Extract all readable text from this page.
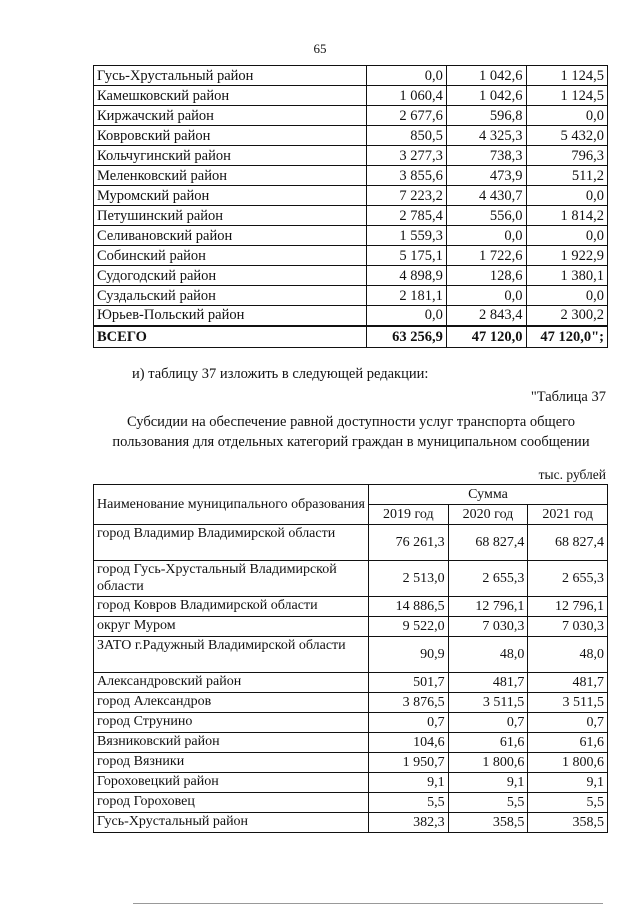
65
Гусь-Хрустальный район	0,0	1 042,6	1 124,5
Камешковский район	1 060,4	1 042,6	1 124,5
Киржачский район	2 677,6	596,8	0,0
Ковровский район	850,5	4 325,3	5 432,0
Кольчугинский район	3 277,3	738,3	796,3
Меленковский район	3 855,6	473,9	511,2
Муромский район	7 223,2	4 430,7	0,0
Петушинский район	2 785,4	556,0	1 814,2
Селивановский район	1 559,3	0,0	0,0
Собинский район	5 175,1	1 722,6	1 922,9
Судогодский район	4 898,9	128,6	1 380,1
Суздальский район	2 181,1	0,0	0,0
Юрьев-Польский район	0,0	2 843,4	2 300,2
ВСЕГО	63 256,9	47 120,0	47 120,0";
и) таблицу 37 изложить в следующей редакции:
"Таблица 37
Субсидии на обеспечение равной доступности услуг транспорта общего пользования для отдельных категорий граждан в муниципальном сообщении
тыс. рублей
Наименование муниципального образования	Сумма		
	2019 год	2020 год	2021 год
город Владимир Владимирской области	76 261,3	68 827,4	68 827,4
город Гусь-Хрустальный Владимирской области	2 513,0	2 655,3	2 655,3
город Ковров Владимирской области	14 886,5	12 796,1	12 796,1
округ Муром	9 522,0	7 030,3	7 030,3
ЗАТО г.Радужный Владимирской области	90,9	48,0	48,0
Александровский район	501,7	481,7	481,7
город Александров	3 876,5	3 511,5	3 511,5
город Струнино	0,7	0,7	0,7
Вязниковский район	104,6	61,6	61,6
город Вязники	1 950,7	1 800,6	1 800,6
Гороховецкий район	9,1	9,1	9,1
город Гороховец	5,5	5,5	5,5
Гусь-Хрустальный район	382,3	358,5	358,5
